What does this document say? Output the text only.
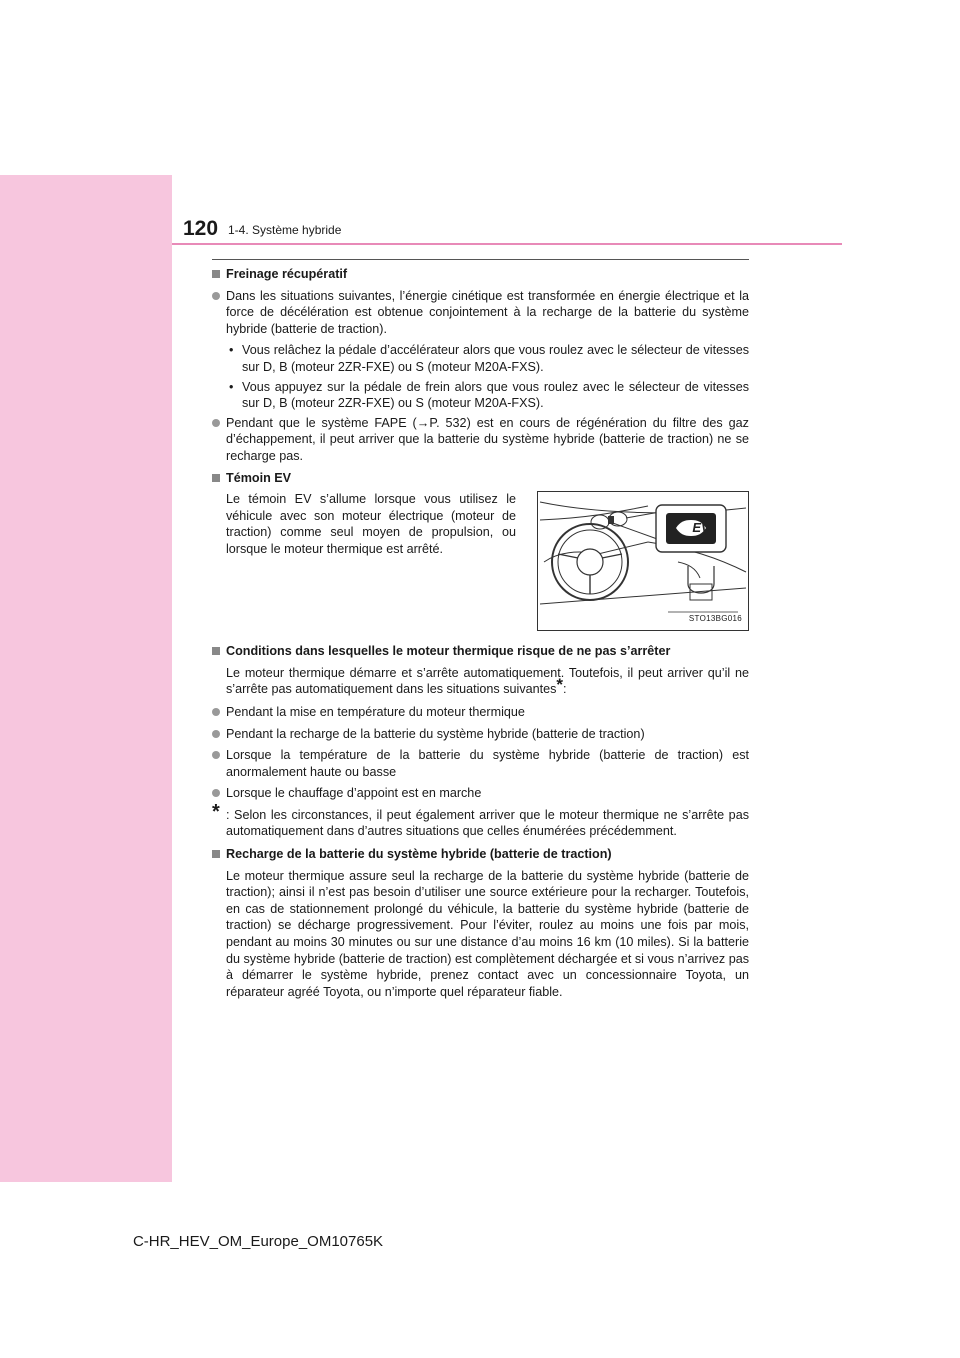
120 1-4. Système hybride
Freinage récupératif
Dans les situations suivantes, l’énergie cinétique est transformée en énergie électrique et la force de décélération est obtenue conjointement à la recharge de la batterie du système hybride (batterie de traction).
• Vous relâchez la pédale d’accélérateur alors que vous roulez avec le sélecteur de vitesses sur D, B (moteur 2ZR-FXE) ou S (moteur M20A-FXS).
• Vous appuyez sur la pédale de frein alors que vous roulez avec le sélecteur de vitesses sur D, B (moteur 2ZR-FXE) ou S (moteur M20A-FXS).
Pendant que le système FAPE (→P. 532) est en cours de régénération du filtre des gaz d’échappement, il peut arriver que la batterie du système hybride (batterie de traction) ne se recharge pas.
Témoin EV
Le témoin EV s’allume lorsque vous utilisez le véhicule avec son moteur électrique (moteur de traction) comme seul moyen de propulsion, ou lorsque le moteur thermique est arrêté.
EV
STO13BG016
Conditions dans lesquelles le moteur thermique risque de ne pas s’arrêter
Le moteur thermique démarre et s’arrête automatiquement. Toutefois, il peut arriver qu’il ne s’arrête pas automatiquement dans les situations suivantes*:
Pendant la mise en température du moteur thermique
Pendant la recharge de la batterie du système hybride (batterie de traction)
Lorsque la température de la batterie du système hybride (batterie de traction) est anormalement haute ou basse
Lorsque le chauffage d’appoint est en marche
* : Selon les circonstances, il peut également arriver que le moteur thermique ne s’arrête pas automatiquement dans d’autres situations que celles énumérées précédemment.
Recharge de la batterie du système hybride (batterie de traction)
Le moteur thermique assure seul la recharge de la batterie du système hybride (batterie de traction); ainsi il n’est pas besoin d’utiliser une source extérieure pour la recharger. Toutefois, en cas de stationnement prolongé du véhicule, la batterie du système hybride (batterie de traction) se décharge progressivement. Pour l’éviter, roulez au moins une fois par mois, pendant au moins 30 minutes ou sur une distance d’au moins 16 km (10 miles). Si la batterie du système hybride (batterie de traction) est complètement déchargée et si vous n’arrivez pas à démarrer le système hybride, prenez contact avec un concessionnaire Toyota, un réparateur agréé Toyota, ou n’importe quel réparateur fiable.
C-HR_HEV_OM_Europe_OM10765K
